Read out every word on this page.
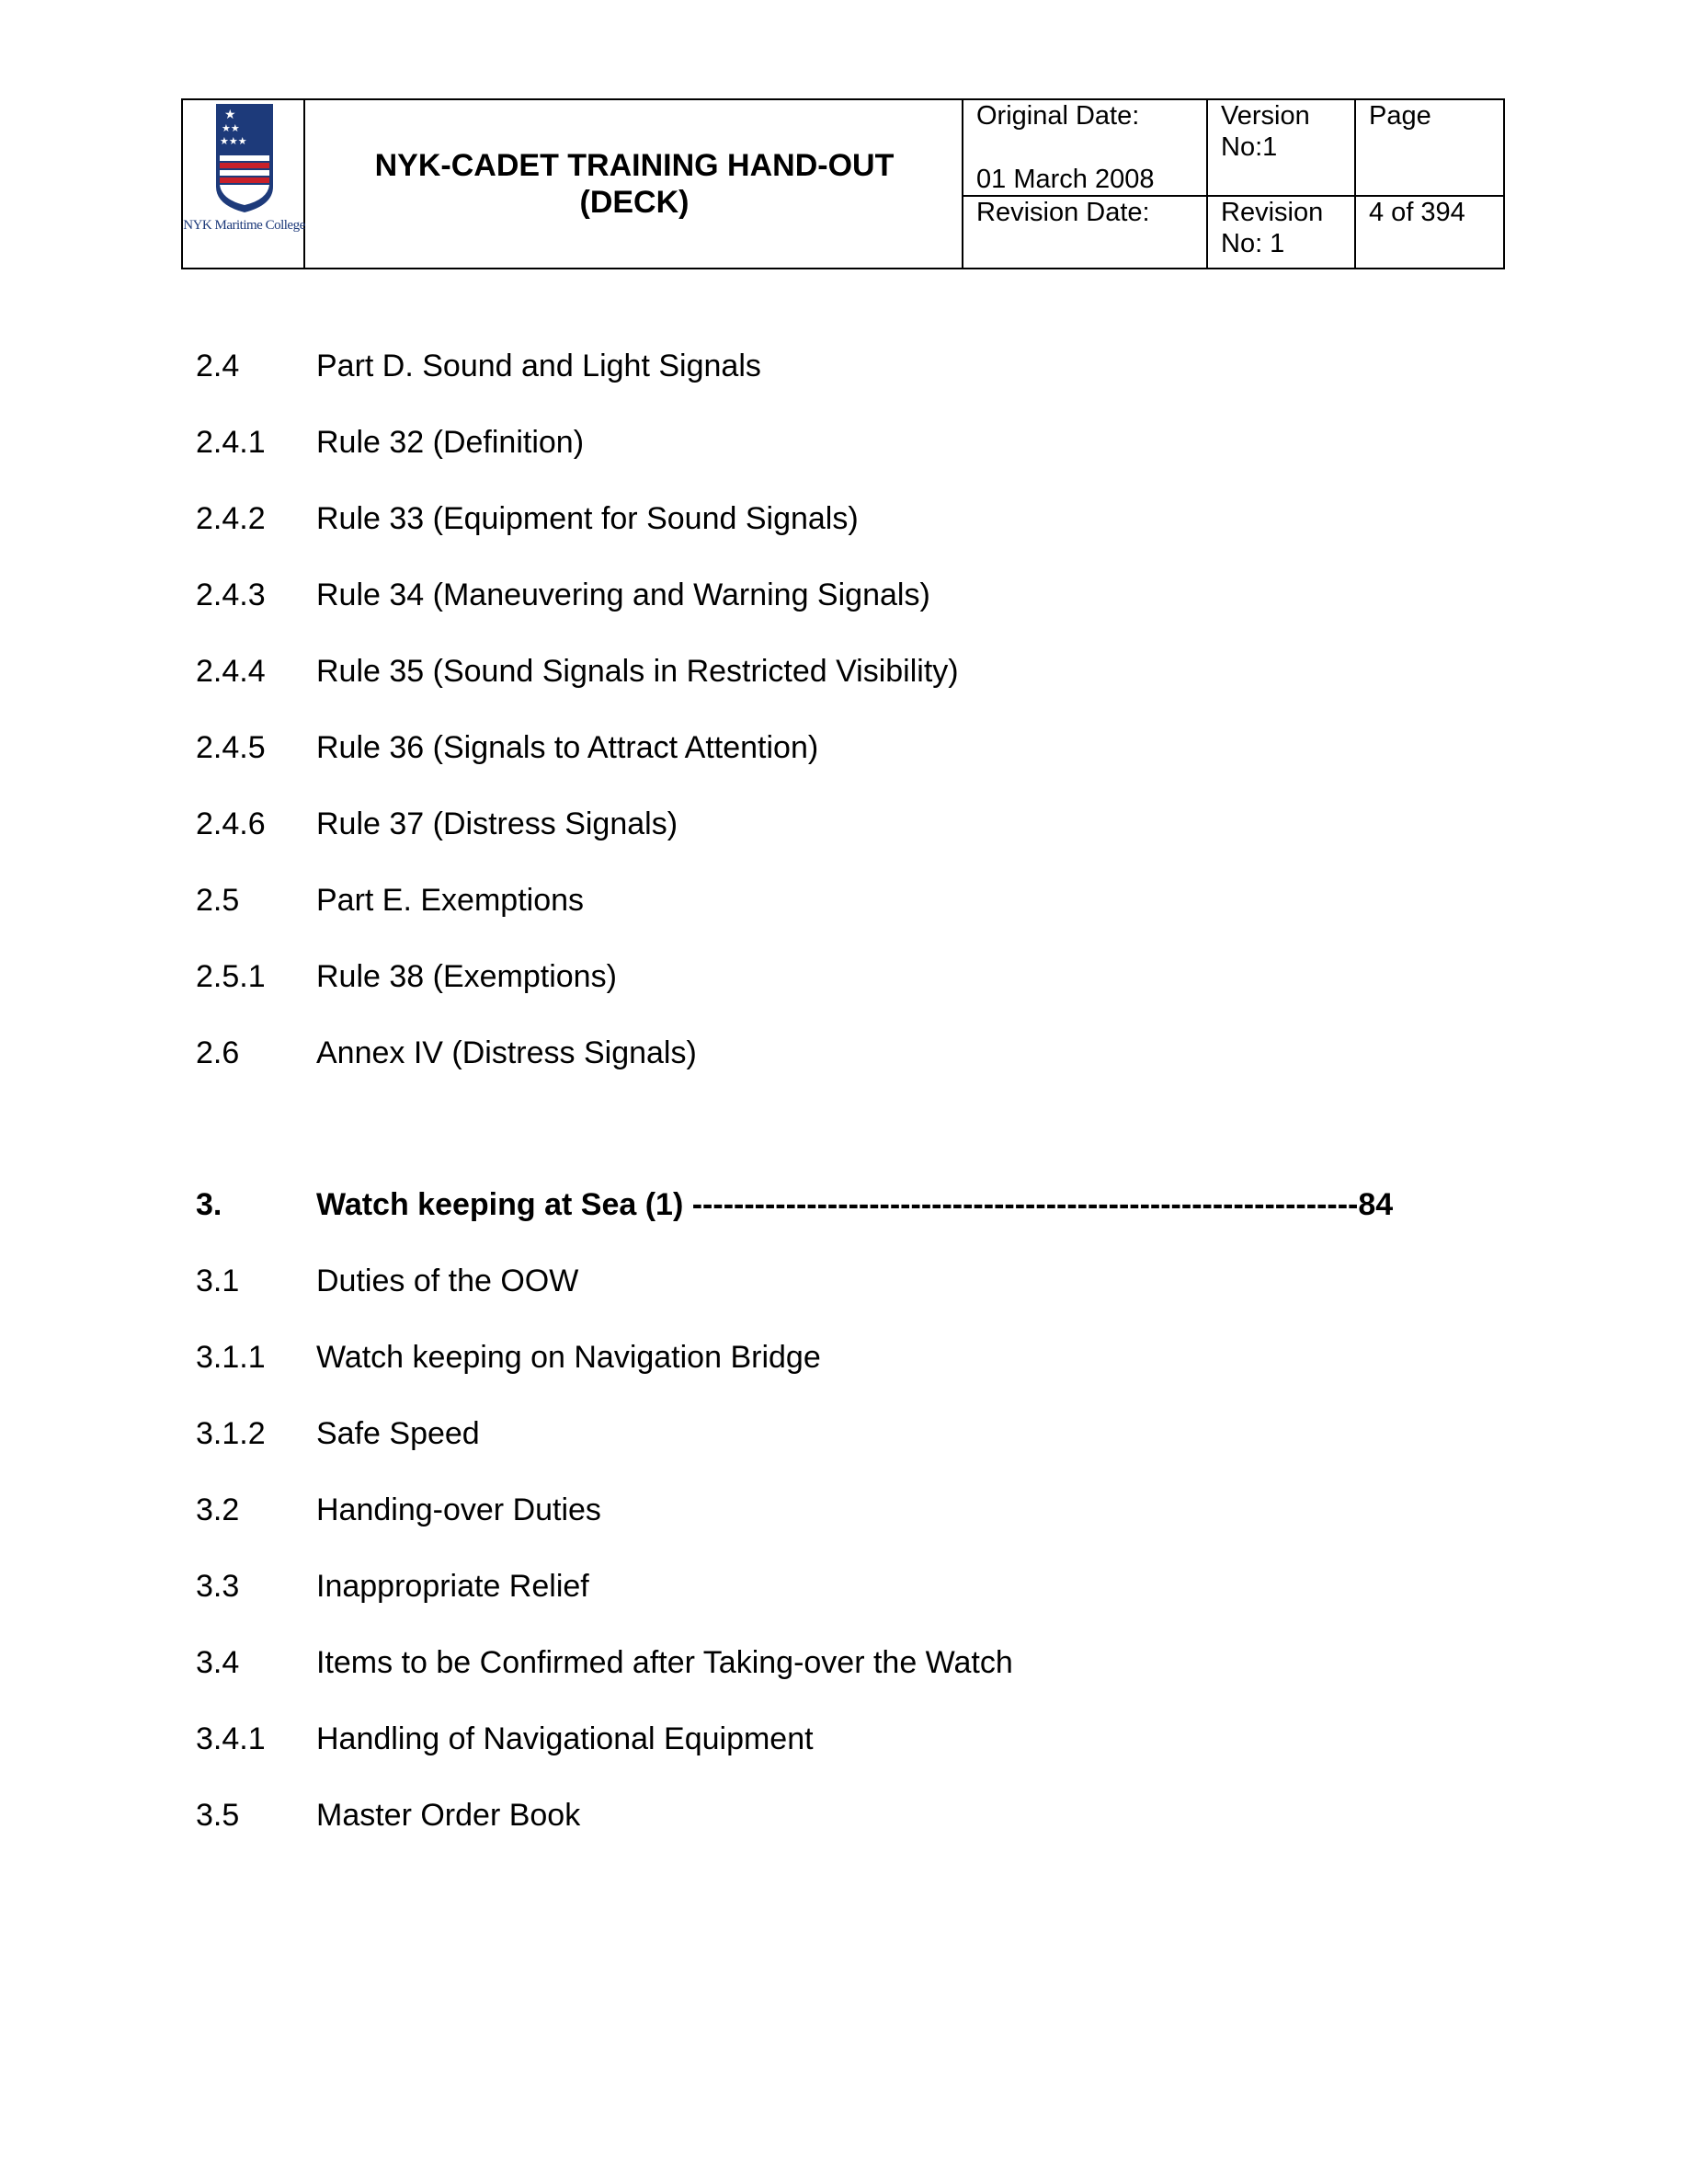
★
★★
★★★
NYK Maritime College
NYK-CADET TRAINING HAND-OUT
(DECK)
Original Date:
01 March 2008
Version
No:1
Page
Revision Date:	Revision
No: 1
4 of 394
2.4 Part D. Sound and Light Signals
2.4.1 Rule 32 (Definition)
2.4.2 Rule 33 (Equipment for Sound Signals)
2.4.3 Rule 34 (Maneuvering and Warning Signals)
2.4.4 Rule 35 (Sound Signals in Restricted Visibility)
2.4.5 Rule 36 (Signals to Attract Attention)
2.4.6 Rule 37 (Distress Signals)
2.5 Part E. Exemptions
2.5.1 Rule 38 (Exemptions)
2.6 Annex IV (Distress Signals)
3.	Watch keeping at Sea (1) ----------------------------------------------------------------84
3.1 Duties of the OOW
3.1.1 Watch keeping on Navigation Bridge
3.1.2 Safe Speed
3.2 Handing-over Duties
3.3 Inappropriate Relief
3.4 Items to be Confirmed after Taking-over the Watch
3.4.1 Handling of Navigational Equipment
3.5 Master Order Book
